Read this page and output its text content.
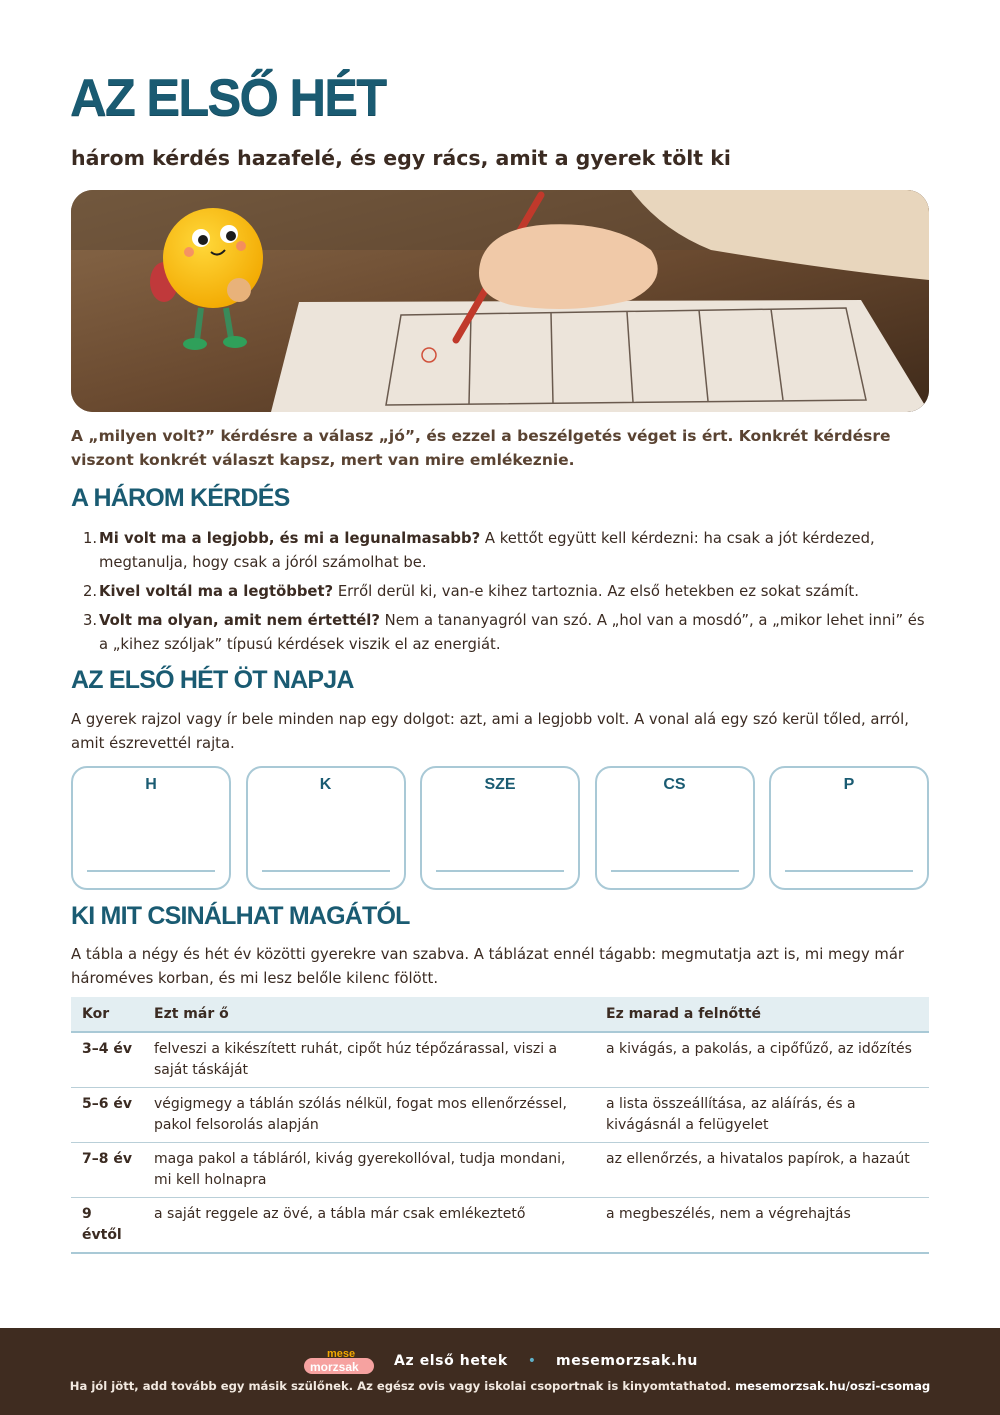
AZ ELSŐ HÉT
három kérdés hazafelé, és egy rács, amit a gyerek tölt ki

A „milyen volt?” kérdésre a válasz „jó”, és ezzel a beszélgetés véget is ért. Konkrét kérdésre viszont konkrét választ kapsz, mert van mire emlékeznie.

A HÁROM KÉRDÉS
1. Mi volt ma a legjobb, és mi a legunalmasabb? A kettőt együtt kell kérdezni: ha csak a jót kérdezed, megtanulja, hogy csak a jóról számolhat be.
2. Kivel voltál ma a legtöbbet? Erről derül ki, van-e kihez tartoznia. Az első hetekben ez sokat számít.
3. Volt ma olyan, amit nem értettél? Nem a tananyagról van szó. A „hol van a mosdó”, a „mikor lehet inni” és a „kihez szóljak” típusú kérdések viszik el az energiát.
AZ ELSŐ HÉT ÖT NAPJA

A gyerek rajzol vagy ír bele minden nap egy dolgot: azt, ami a legjobb volt. A vonal alá egy szó kerül tőled, arról, amit észrevettél rajta.

H	K	SZE	CS	P
KI MIT CSINÁLHAT MAGÁTÓL

A tábla a négy és hét év közötti gyerekre van szabva. A táblázat ennél tágabb: megmutatja azt is, mi megy már hároméves korban, és mi lesz belőle kilenc fölött.

Kor	Ezt már ő	Ez marad a felnőtté
3–4 év	felveszi a kikészített ruhát, cipőt húz tépőzárassal, viszi a saját táskáját	a kivágás, a pakolás, a cipőfűző, az időzítés
5–6 év	végigmegy a táblán szólás nélkül, fogat mos ellenőrzéssel, pakol felsorolás alapján	a lista összeállítása, az aláírás, és a kivágásnál a felügyelet
7–8 év	maga pakol a tábláról, kivág gyerekollóval, tudja mondani, mi kell holnapra	az ellenőrzés, a hivatalos papírok, a hazaút
9 évtől	a saját reggele az övé, a tábla már csak emlékeztető	a megbeszélés, nem a végrehajtás
mese
morzsak	Az első hetek • mesemorzsak.hu
Ha jól jött, add tovább egy másik szülőnek. Az egész ovis vagy iskolai csoportnak is kinyomtathatod. mesemorzsak.hu/oszi-csomag
